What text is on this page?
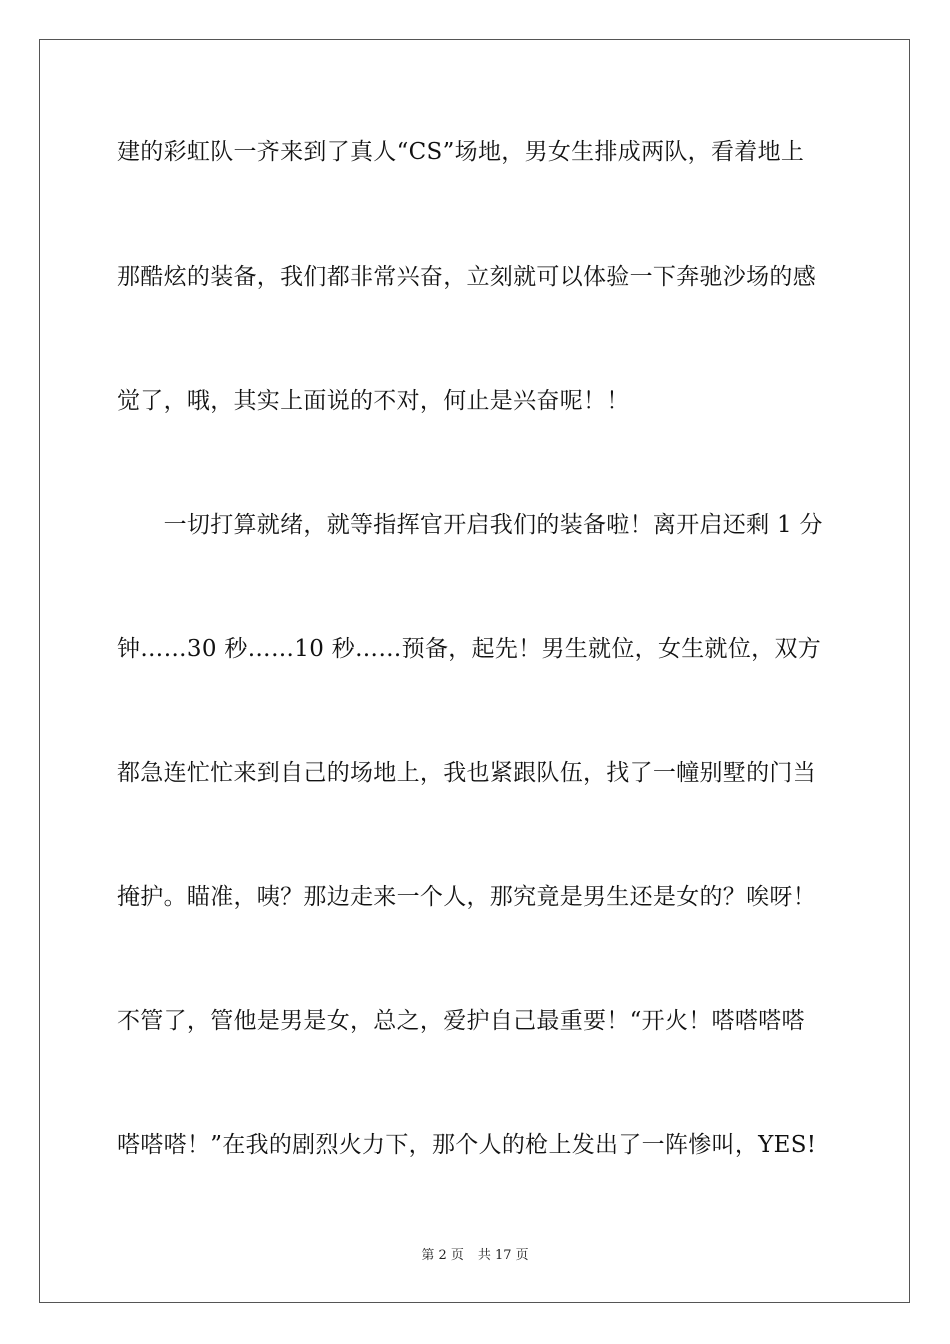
建的彩虹队一齐来到了真人“CS”场地，男女生排成两队，看着地上
那酷炫的装备，我们都非常兴奋，立刻就可以体验一下奔驰沙场的感
觉了，哦，其实上面说的不对，何止是兴奋呢！！
　　一切打算就绪，就等指挥官开启我们的装备啦！离开启还剩 1 分
钟……30 秒……10 秒……预备，起先！男生就位，女生就位，双方
都急连忙忙来到自己的场地上，我也紧跟队伍，找了一幢别墅的门当
掩护。瞄准，咦？那边走来一个人，那究竟是男生还是女的？唉呀！
不管了，管他是男是女，总之，爱护自己最重要！“开火！嗒嗒嗒嗒
嗒嗒嗒！”在我的剧烈火力下，那个人的枪上发出了一阵惨叫，YES!
第 2 页 共 17 页
